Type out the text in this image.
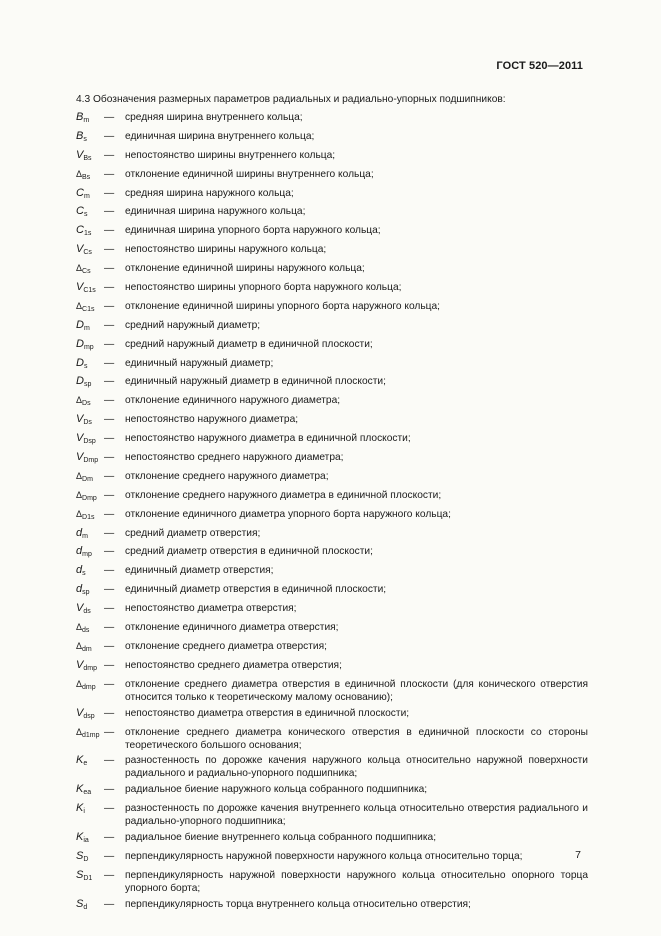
ГОСТ 520—2011
4.3 Обозначения размерных параметров радиальных и радиально-упорных подшипников:
$B_m$	—	средняя ширина внутреннего кольца;
$B_s$	—	единичная ширина внутреннего кольца;
$V_{Bs}$	—	непостоянство ширины внутреннего кольца;
$\Delta_{Bs}$	—	отклонение единичной ширины внутреннего кольца;
$C_m$	—	средняя ширина наружного кольца;
$C_s$	—	единичная ширина наружного кольца;
$C_{1s}$	—	единичная ширина упорного борта наружного кольца;
$V_{Cs}$	—	непостоянство ширины наружного кольца;
$\Delta_{Cs}$	—	отклонение единичной ширины наружного кольца;
$V_{C1s}$ —	непостоянство ширины упорного борта наружного кольца;
$\Delta_{C1s}$ —	отклонение единичной ширины упорного борта наружного кольца;
$D_m$	—	средний наружный диаметр;
$D_{mp}$	—	средний наружный диаметр в единичной плоскости;
$D_s$	—	единичный наружный диаметр;
$D_{sp}$	—	единичный наружный диаметр в единичной плоскости;
$\Delta_{Ds}$	—	отклонение единичного наружного диаметра;
$V_{Ds}$	—	непостоянство наружного диаметра;
$V_{Dsp}$ —	непостоянство наружного диаметра в единичной плоскости;
$V_{Dmp}$ —	непостоянство среднего наружного диаметра;
$\Delta_{Dm}$	—	отклонение среднего наружного диаметра;
$\Delta_{Dmp}$ —	отклонение среднего наружного диаметра в единичной плоскости;
$\Delta_{D1s}$ —	отклонение единичного диаметра упорного борта наружного кольца;
$d_m$	—	средний диаметр отверстия;
$d_{mp}$	—	средний диаметр отверстия в единичной плоскости;
$d_s$	—	единичный диаметр отверстия;
$d_{sp}$	—	единичный диаметр отверстия в единичной плоскости;
$V_{ds}$	—	непостоянство диаметра отверстия;
$\Delta_{ds}$	—	отклонение единичного диаметра отверстия;
$\Delta_{dm}$	—	отклонение среднего диаметра отверстия;
$V_{dmp}$ —	непостоянство среднего диаметра отверстия;
$\Delta_{dmp}$ —	отклонение среднего диаметра отверстия в единичной плоскости (для конического отверстия относится только к теоретическому малому основанию);
$V_{dsp}$ —	непостоянство диаметра отверстия в единичной плоскости;
$\Delta_{d1mp}$ —	отклонение среднего диаметра конического отверстия в единичной плоскости со стороны теоретического большого основания;
$K_e$	—	разностенность по дорожке качения наружного кольца относительно наружной поверхности радиального и радиально-упорного подшипника;
$K_{ea}$	—	радиальное биение наружного кольца собранного подшипника;
$K_i$	—	разностенность по дорожке качения внутреннего кольца относительно отверстия радиального и радиально-упорного подшипника;
$K_{ia}$	—	радиальное биение внутреннего кольца собранного подшипника;
$S_D$	—	перпендикулярность наружной поверхности наружного кольца относительно торца;
$S_{D1}$	—	перпендикулярность наружной поверхности наружного кольца относительно опорного торца упорного борта;
$S_d$	—	перпендикулярность торца внутреннего кольца относительно отверстия;
7
